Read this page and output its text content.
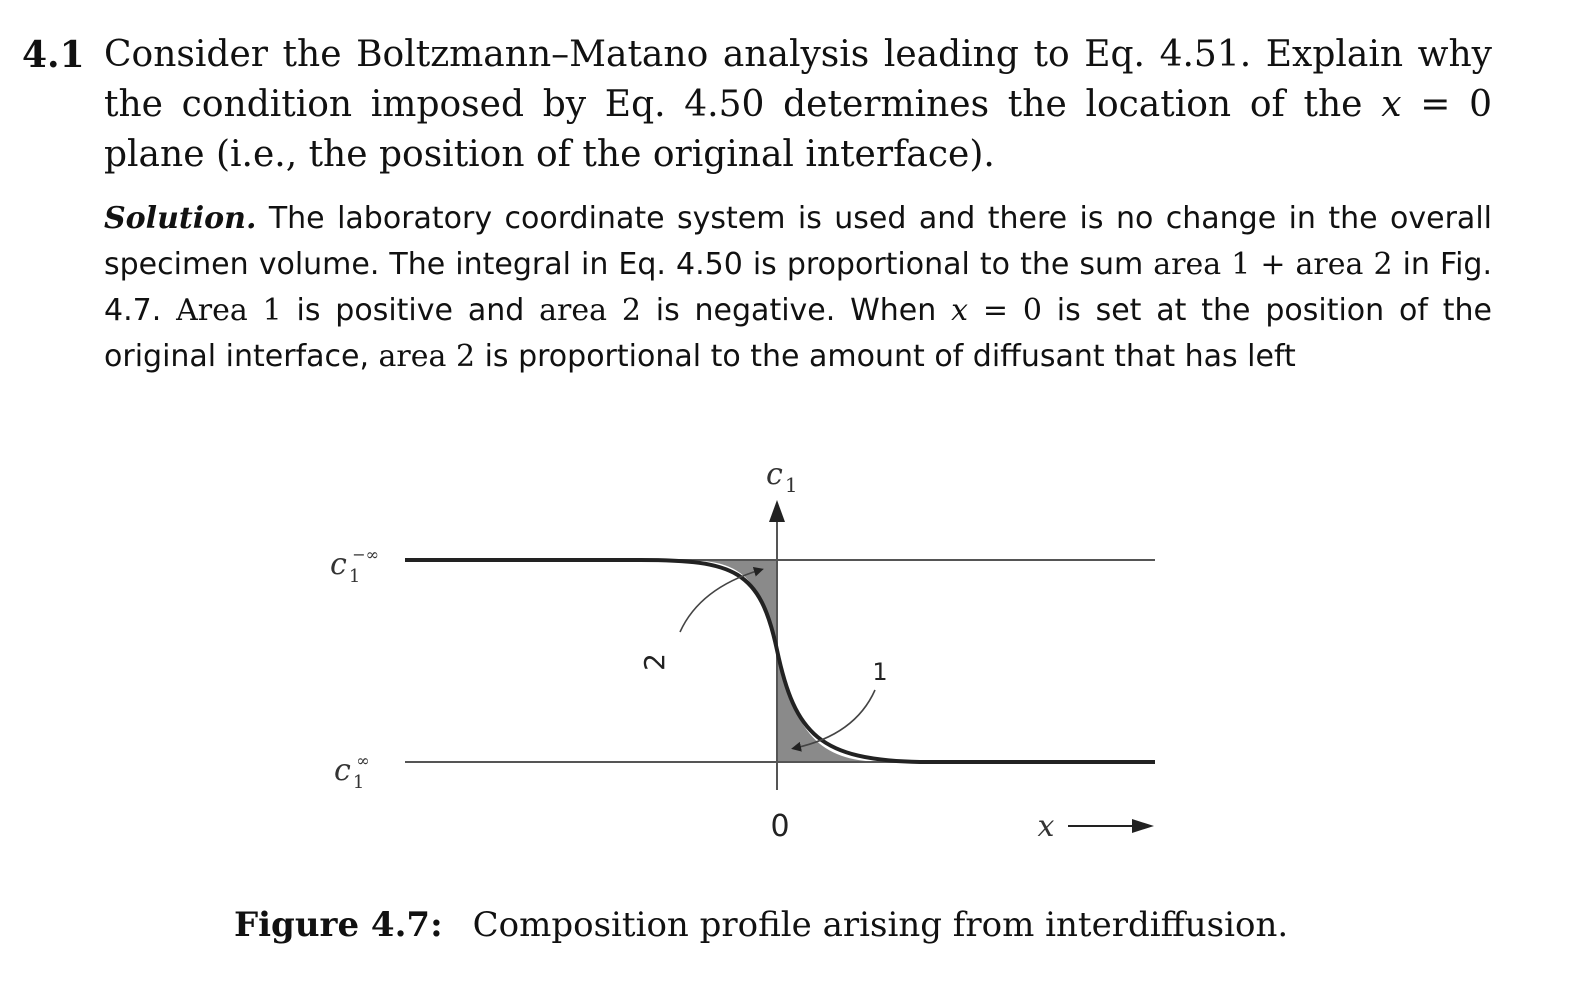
4.1 Consider the Boltzmann–Matano analysis leading to Eq. 4.51. Explain why the condition imposed by Eq. 4.50 determines the location of the x = 0 plane (i.e., the position of the original interface).
Solution. The laboratory coordinate system is used and there is no change in the overall specimen volume. The integral in Eq. 4.50 is proportional to the sum area 1 + area 2 in Fig. 4.7. Area 1 is positive and area 2 is negative. When x = 0 is set at the position of the original interface, area 2 is proportional to the amount of diffusant that has left
c $_1$
c $_1$−∞
c $_1$∞
0	x
2	1
Figure 4.7: Composition profile arising from interdiffusion.
